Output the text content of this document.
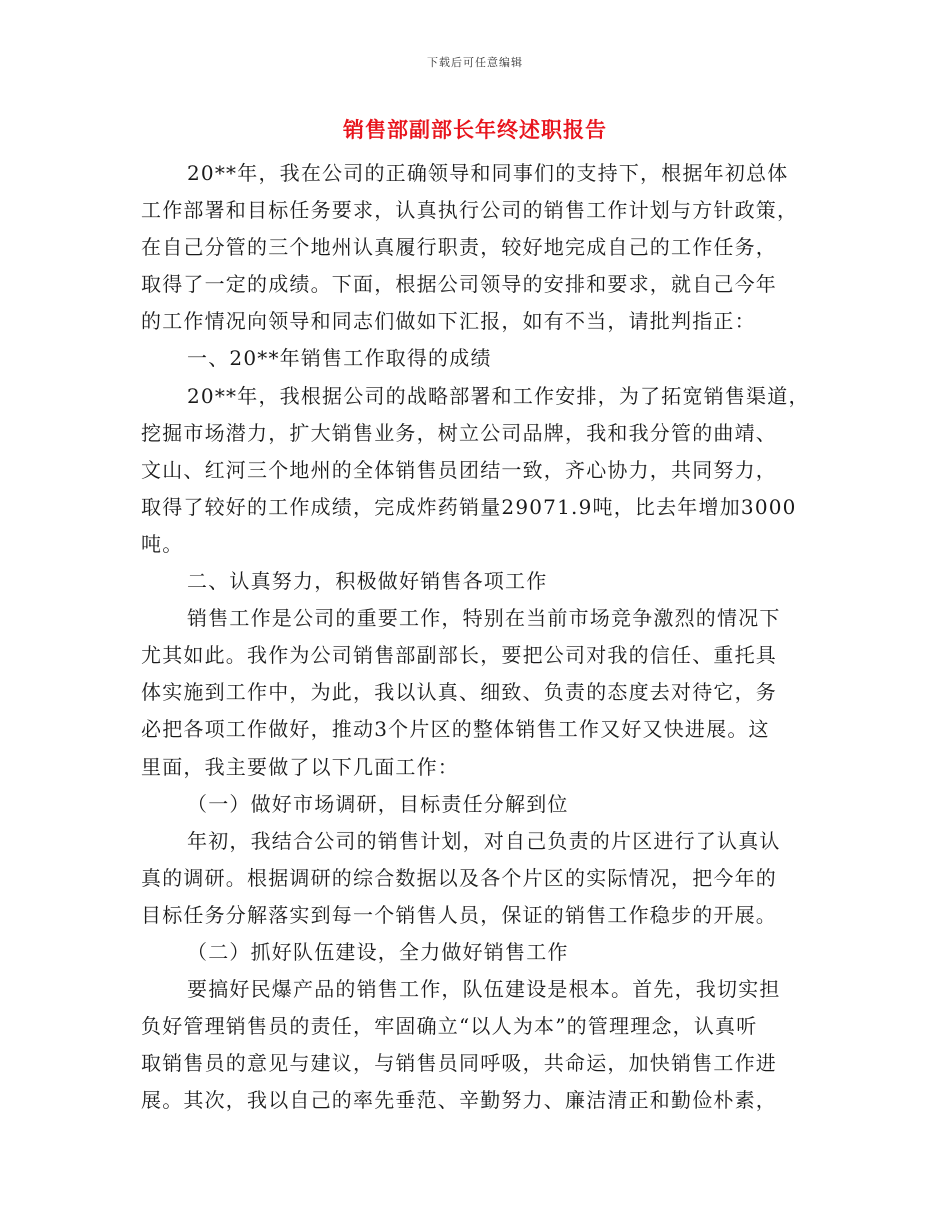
下载后可任意编辑
销售部副部长年终述职报告
20**年，我在公司的正确领导和同事们的支持下，根据年初总体
工作部署和目标任务要求，认真执行公司的销售工作计划与方针政策，
在自己分管的三个地州认真履行职责，较好地完成自己的工作任务，
取得了一定的成绩。下面，根据公司领导的安排和要求，就自己今年
的工作情况向领导和同志们做如下汇报，如有不当，请批判指正：
一、20**年销售工作取得的成绩
20**年，我根据公司的战略部署和工作安排，为了拓宽销售渠道，
挖掘市场潜力，扩大销售业务，树立公司品牌，我和我分管的曲靖、
文山、红河三个地州的全体销售员团结一致，齐心协力，共同努力，
取得了较好的工作成绩，完成炸药销量29071.9吨，比去年增加3000
吨。
二、认真努力，积极做好销售各项工作
销售工作是公司的重要工作，特别在当前市场竞争激烈的情况下
尤其如此。我作为公司销售部副部长，要把公司对我的信任、重托具
体实施到工作中，为此，我以认真、细致、负责的态度去对待它，务
必把各项工作做好，推动3个片区的整体销售工作又好又快进展。这
里面，我主要做了以下几面工作：
（一）做好市场调研，目标责任分解到位
年初，我结合公司的销售计划，对自己负责的片区进行了认真认
真的调研。根据调研的综合数据以及各个片区的实际情况，把今年的
目标任务分解落实到每一个销售人员，保证的销售工作稳步的开展。
（二）抓好队伍建设，全力做好销售工作
要搞好民爆产品的销售工作，队伍建设是根本。首先，我切实担
负好管理销售员的责任，牢固确立“以人为本”的管理理念，认真听
取销售员的意见与建议，与销售员同呼吸，共命运，加快销售工作进
展。其次，我以自己的率先垂范、辛勤努力、廉洁清正和勤俭朴素，
